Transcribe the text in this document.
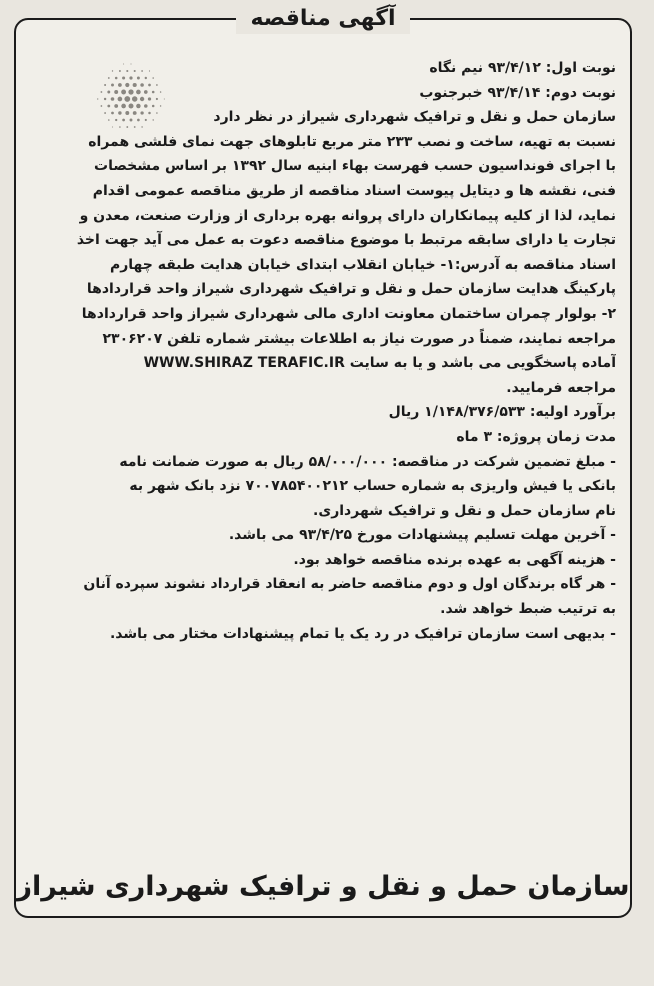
آگهی مناقصه
نوبت اول: ۹۳/۴/۱۲ نیم نگاه
نوبت دوم: ۹۳/۴/۱۴ خبرجنوب
سازمان حمل و نقل و ترافیک شهرداری شیراز در نظر دارد
نسبت به تهیه، ساخت و نصب ۲۳۳ متر مربع تابلوهای جهت نمای فلشی همراه
با اجرای فونداسیون حسب فهرست بهاء ابنیه سال ۱۳۹۲ بر اساس مشخصات
فنی، نقشه ها و دیتایل پیوست اسناد مناقصه از طریق مناقصه عمومی اقدام
نماید، لذا از کلیه پیمانکاران دارای پروانه بهره برداری از وزارت صنعت، معدن و
تجارت یا دارای سابقه مرتبط با موضوع مناقصه دعوت به عمل می آید جهت اخذ
اسناد مناقصه به آدرس:۱- خیابان انقلاب ابتدای خیابان هدایت طبقه چهارم
پارکینگ هدایت سازمان حمل و نقل و ترافیک شهرداری شیراز واحد قراردادها
۲- بولوار چمران ساختمان معاونت اداری مالی شهرداری شیراز واحد قراردادها
مراجعه نمایند، ضمناً در صورت نیاز به اطلاعات بیشتر شماره تلفن ۲۳۰۶۲۰۷
آماده پاسخگویی می باشد و یا به سایت WWW.SHIRAZ TERAFIC.IR
مراجعه فرمایید.
برآورد اولیه: ۱/۱۴۸/۳۷۶/۵۳۳ ریال
مدت زمان پروژه: ۳ ماه
- مبلغ تضمین شرکت در مناقصه: ۵۸/۰۰۰/۰۰۰ ریال به صورت ضمانت نامه
بانکی یا فیش واریزی به شماره حساب ۷۰۰۷۸۵۴۰۰۲۱۲ نزد بانک شهر به
نام سازمان حمل و نقل و ترافیک شهرداری.
- آخرین مهلت تسلیم پیشنهادات مورخ ۹۳/۴/۲۵ می باشد.
- هزینه آگهی به عهده برنده مناقصه خواهد بود.
- هر گاه برندگان اول و دوم مناقصه حاضر به انعقاد قرارداد نشوند سپرده آنان
به ترتیب ضبط خواهد شد.
- بدیهی است سازمان ترافیک در رد یک یا تمام پیشنهادات مختار می باشد.
سازمان حمل و نقل و ترافیک شهرداری شیراز
